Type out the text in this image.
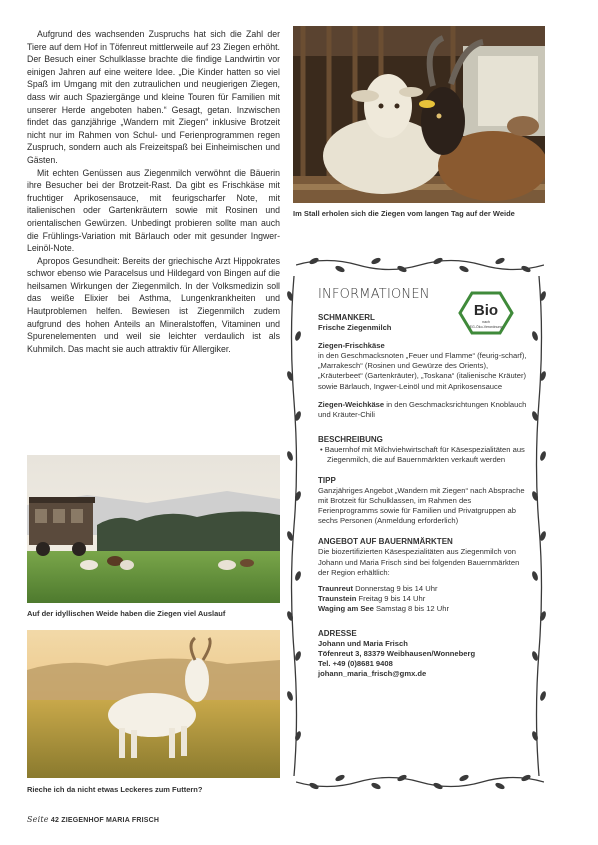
Aufgrund des wachsenden Zuspruchs hat sich die Zahl der Tiere auf dem Hof in Töfenreut mittlerweile auf 23 Ziegen erhöht. Der Besuch einer Schulklasse brachte die findige Landwirtin vor einigen Jahren auf eine weitere Idee. „Die Kinder hatten so viel Spaß im Umgang mit den zutraulichen und neugierigen Ziegen, dass wir auch Spaziergänge und kleine Touren für Familien mit unserer Herde angeboten haben.“ Gesagt, getan. Inzwischen findet das ganzjährige „Wandern mit Ziegen“ inklusive Brotzeit nicht nur im Rahmen von Schul- und Ferienprogrammen regen Zuspruch, sondern auch als Freizeitspaß bei Einheimischen und Gästen.

Mit echten Genüssen aus Ziegenmilch verwöhnt die Bäuerin ihre Besucher bei der Brotzeit-Rast. Da gibt es Frischkäse mit fruchtiger Aprikosensauce, mit feurigscharfer Note, mit italienischen oder Gartenkräutern sowie mit Rosinen und orientalischen Gewürzen. Unbedingt probieren sollte man auch die Frühlings-Variation mit Bärlauch oder mit gesunder Ingwer-Leinöl-Note.

Apropos Gesundheit: Bereits der griechische Arzt Hippokrates schwor ebenso wie Paracelsus und Hildegard von Bingen auf die heilsamen Wirkungen der Ziegenmilch. In der Volksmedizin soll das weiße Elixier bei Asthma, Lungenkrankheiten und Hautproblemen helfen. Bewiesen ist Ziegenmilch zudem aufgrund des hohen Anteils an Mineralstoffen, Vitaminen und Spurenelementen und weil sie leichter verdaulich ist als Kuhmilch. Das macht sie auch attraktiv für Allergiker.

Im Stall erholen sich die Ziegen vom langen Tag auf der Weide
Auf der idyllischen Weide haben die Ziegen viel Auslauf
Rieche ich da nicht etwas Leckeres zum Futtern?
Bio
nach
EG-Öko-Verordnung
INFORMATIONEN
SCHMANKERL
Frische Ziegenmilch
Ziegen-Frischkäse
in den Geschmacksnoten „Feuer und Flamme“ (feurig-scharf), „Marrakesch“ (Rosinen und Gewürze des Orients), „Kräuterbeet“ (Gartenkräuter), „Toskana“ (italienische Kräuter) sowie Bärlauch, Ingwer-Leinöl und mit Aprikosensauce
Ziegen-Weichkäse in den Geschmacksrichtungen Knoblauch und Kräuter-Chili
BESCHREIBUNG
• Bauernhof mit Milchviehwirtschaft für Käsespezialitäten aus Ziegenmilch, die auf Bauernmärkten verkauft werden
TIPP
Ganzjähriges Angebot „Wandern mit Ziegen“ nach Absprache mit Brotzeit für Schulklassen, im Rahmen des Ferienprogramms sowie für Familien und Privatgruppen ab sechs Personen (Anmeldung erforderlich)
ANGEBOT AUF BAUERNMÄRKTEN
Die biozertifizierten Käsespezialitäten aus Ziegenmilch von Johann und Maria Frisch sind bei folgenden Bauernmärkten der Region erhältlich:
Traunreut Donnerstag 9 bis 14 Uhr
Traunstein Freitag 9 bis 14 Uhr
Waging am See Samstag 8 bis 12 Uhr
ADRESSE
Johann und Maria Frisch
Töfenreut 3, 83379 Weibhausen/Wonneberg
Tel. +49 (0)8681 9408
johann_maria_frisch@gmx.de
Seite 42 ZIEGENHOF MARIA FRISCH
